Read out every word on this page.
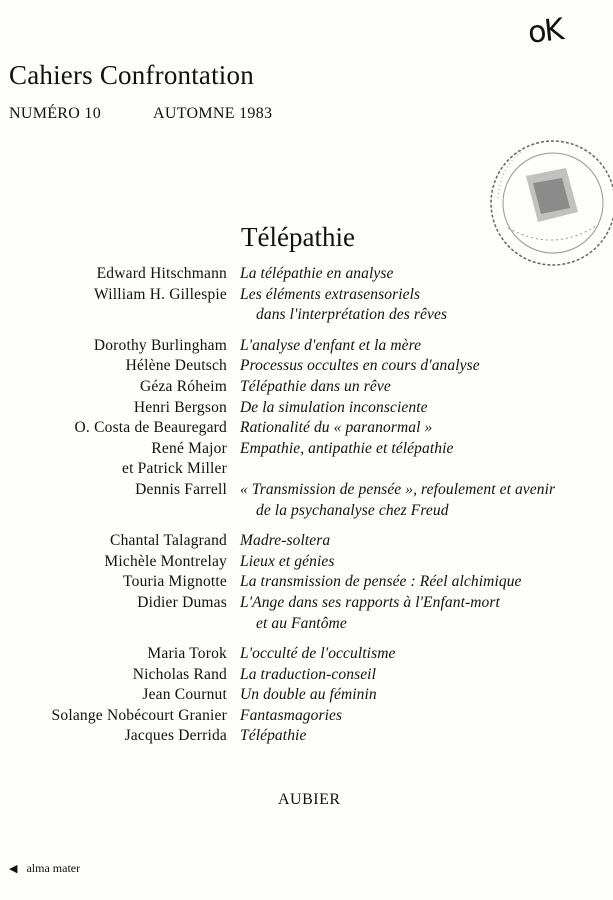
oK
Cahiers Confrontation
NUMÉRO 10	AUTOMNE 1983
Télépathie
Edward Hitschmann La télépathie en analyse
William H. Gillespie Les éléments extrasensoriels
dans l'interprétation des rêves
Dorothy Burlingham L'analyse d'enfant et la mère
Hélène Deutsch Processus occultes en cours d'analyse
Géza Róheim Télépathie dans un rêve
Henri Bergson De la simulation inconsciente
O. Costa de Beauregard Rationalité du « paranormal »
René Major Empathie, antipathie et télépathie
et Patrick Miller
Dennis Farrell « Transmission de pensée », refoulement et avenir
de la psychanalyse chez Freud
Chantal Talagrand Madre-soltera
Michèle Montrelay Lieux et génies
Touria Mignotte La transmission de pensée : Réel alchimique
Didier Dumas L'Ange dans ses rapports à l'Enfant-mort
et au Fantôme
Maria Torok L'occulté de l'occultisme
Nicholas Rand La traduction-conseil
Jean Cournut Un double au féminin
Solange Nobécourt Granier Fantasmagories
Jacques Derrida Télépathie
AUBIER
◀ alma mater
